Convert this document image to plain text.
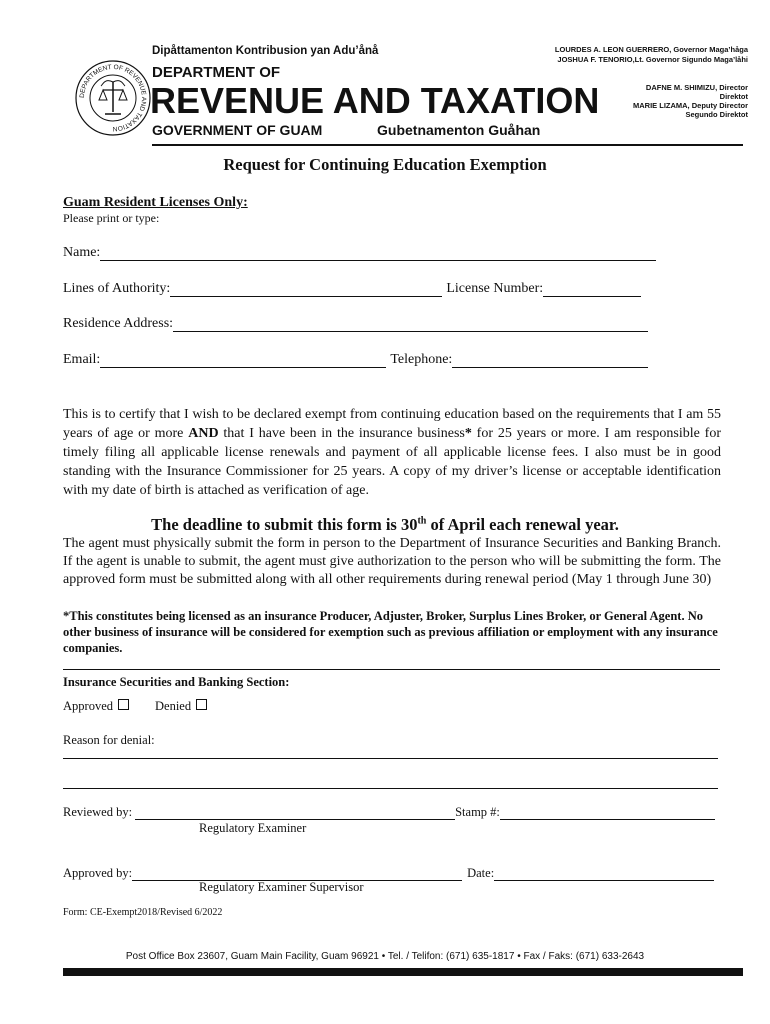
DEPARTMENT OF REVENUE AND TAXATION
Dipåttamenton Kontribusion yan Adu’ånå
DEPARTMENT OF
REVENUE AND TAXATION
GOVERNMENT OF GUAM	Gubetnamenton Guåhan
LOURDES A. LEON GUERRERO, Governor Maga’håga
JOSHUA F. TENORIO,Lt. Governor Sigundo Maga’låhi
DAFNE M. SHIMIZU, Director
Direktot
MARIE LIZAMA, Deputy Director
Segundo Direktot
Request for Continuing Education Exemption
Guam Resident Licenses Only:
Please print or type:
Name:
Lines of Authority:	License Number:
Residence Address:
Email:	Telephone:
This is to certify that I wish to be declared exempt from continuing education based on the requirements that I am 55 years of age or more AND that I have been in the insurance business* for 25 years or more. I am responsible for timely filing all applicable license renewals and payment of all applicable license fees. I also must be in good standing with the Insurance Commissioner for 25 years. A copy of my driver’s license or acceptable identification with my date of birth is attached as verification of age.
The deadline to submit this form is 30th of April each renewal year.
The agent must physically submit the form in person to the Department of Insurance Securities and Banking Branch. If the agent is unable to submit, the agent must give authorization to the person who will be submitting the form. The approved form must be submitted along with all other requirements during renewal period (May 1 through June 30)
*This constitutes being licensed as an insurance Producer, Adjuster, Broker, Surplus Lines Broker, or General Agent. No other business of insurance will be considered for exemption such as previous affiliation or employment with any insurance companies.
Insurance Securities and Banking Section:
Approved	Denied
Reason for denial:
Reviewed by:	Stamp #:
Regulatory Examiner
Approved by:	Date:
Regulatory Examiner Supervisor
Form: CE-Exempt2018/Revised 6/2022
Post Office Box 23607, Guam Main Facility, Guam 96921 • Tel. / Telifon: (671) 635-1817 • Fax / Faks: (671) 633-2643
